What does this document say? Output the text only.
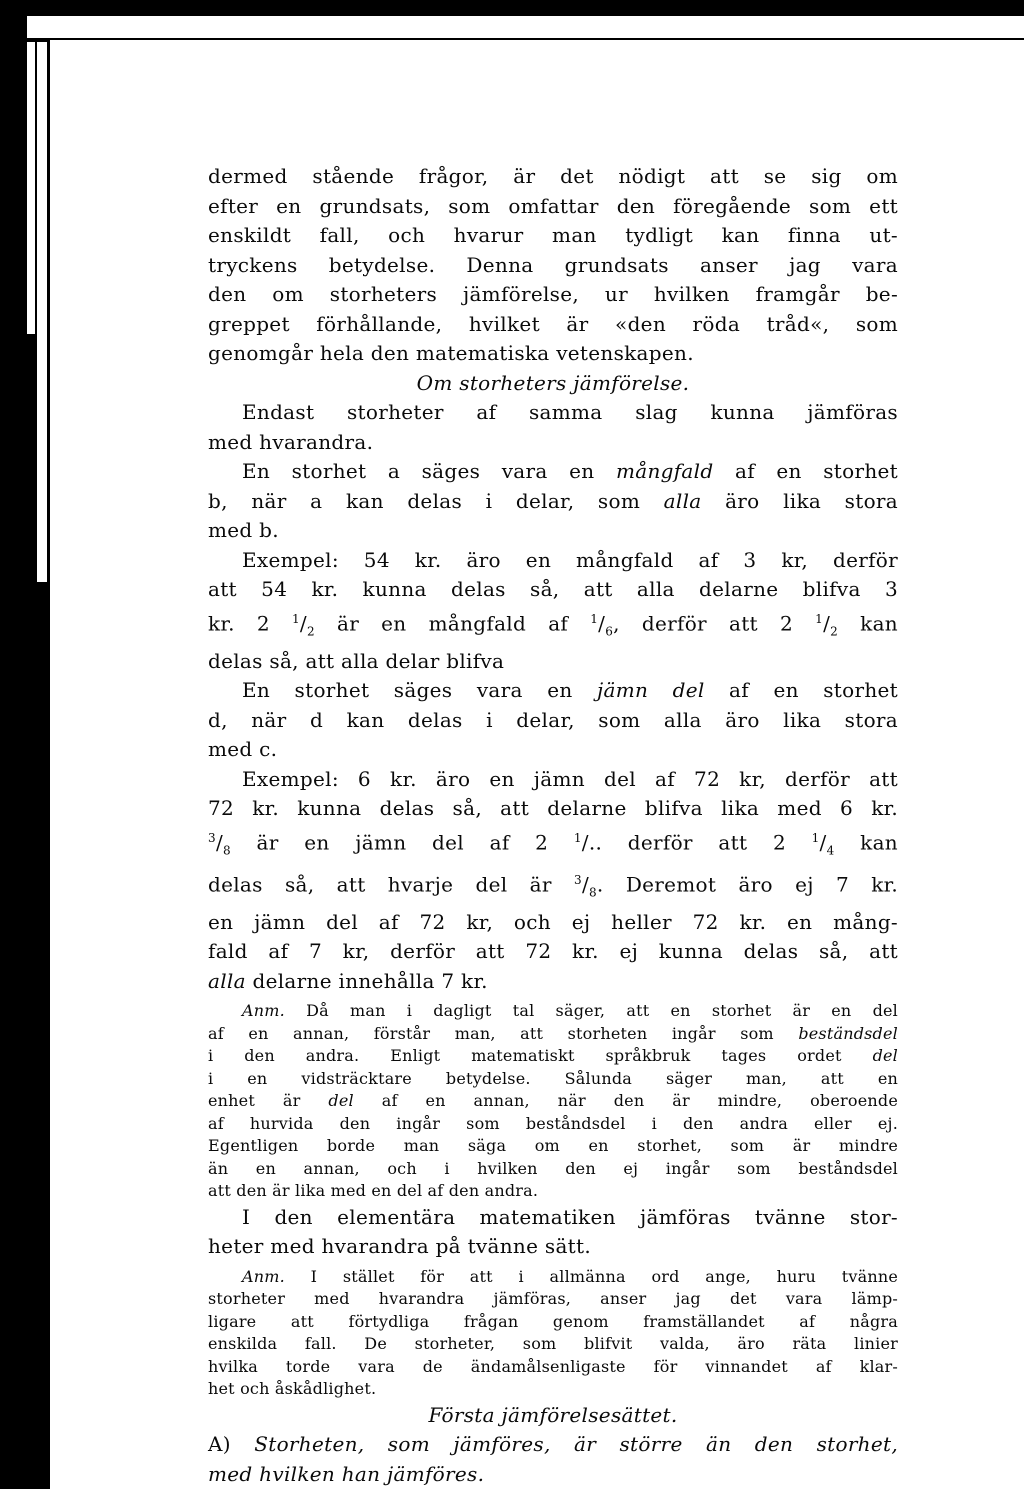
dermed stående frågor, är det nödigt att se sig om
efter en grundsats, som omfattar den föregående som ett
enskildt fall, och hvarur man tydligt kan finna ut-
tryckens betydelse. Denna grundsats anser jag vara
den om storheters jämförelse, ur hvilken framgår be-
greppet förhållande, hvilket är «den röda tråd«, som
genomgår hela den matematiska vetenskapen.
Om storheters jämförelse.
Endast storheter af samma slag kunna jämföras
med hvarandra.
En storhet a säges vara en mångfald af en storhet
b, när a kan delas i delar, som alla äro lika stora
med b.
Exempel: 54 kr. äro en mångfald af 3 kr, derför
att 54 kr. kunna delas så, att alla delarne blifva 3
kr. 2 $^1/_2$ är en mångfald af $^1/_6$, derför att 2 $^1/_2$ kan
delas så, att alla delar blifva
En storhet säges vara en jämn del af en storhet
d, när d kan delas i delar, som alla äro lika stora
med c.
Exempel: 6 kr. äro en jämn del af 72 kr, derför att
72 kr. kunna delas så, att delarne blifva lika med 6 kr.
$^3/_8$ är en jämn del af 2 $^1$/.. derför att 2 $^1/_4$ kan
delas så, att hvarje del är $^3/_8$. Deremot äro ej 7 kr.
en jämn del af 72 kr, och ej heller 72 kr. en mång-
fald af 7 kr, derför att 72 kr. ej kunna delas så, att
alla delarne innehålla 7 kr.
Anm. Då man i dagligt tal säger, att en storhet är en del
af en annan, förstår man, att storheten ingår som beständsdel
i den andra. Enligt matematiskt språkbruk tages ordet del
i en vidsträcktare betydelse. Sålunda säger man, att en
enhet är del af en annan, när den är mindre, oberoende
af hurvida den ingår som beståndsdel i den andra eller ej.
Egentligen borde man säga om en storhet, som är mindre
än en annan, och i hvilken den ej ingår som beståndsdel
att den är lika med en del af den andra.
I den elementära matematiken jämföras tvänne stor-
heter med hvarandra på tvänne sätt.
Anm. I stället för att i allmänna ord ange, huru tvänne
storheter med hvarandra jämföras, anser jag det vara lämp-
ligare att förtydliga frågan genom framställandet af några
enskilda fall. De storheter, som blifvit valda, äro räta linier
hvilka torde vara de ändamålsenligaste för vinnandet af klar-
het och åskådlighet.
Första jämförelsesättet.
A) Storheten, som jämföres, är större än den storhet,
med hvilken han jämföres.
